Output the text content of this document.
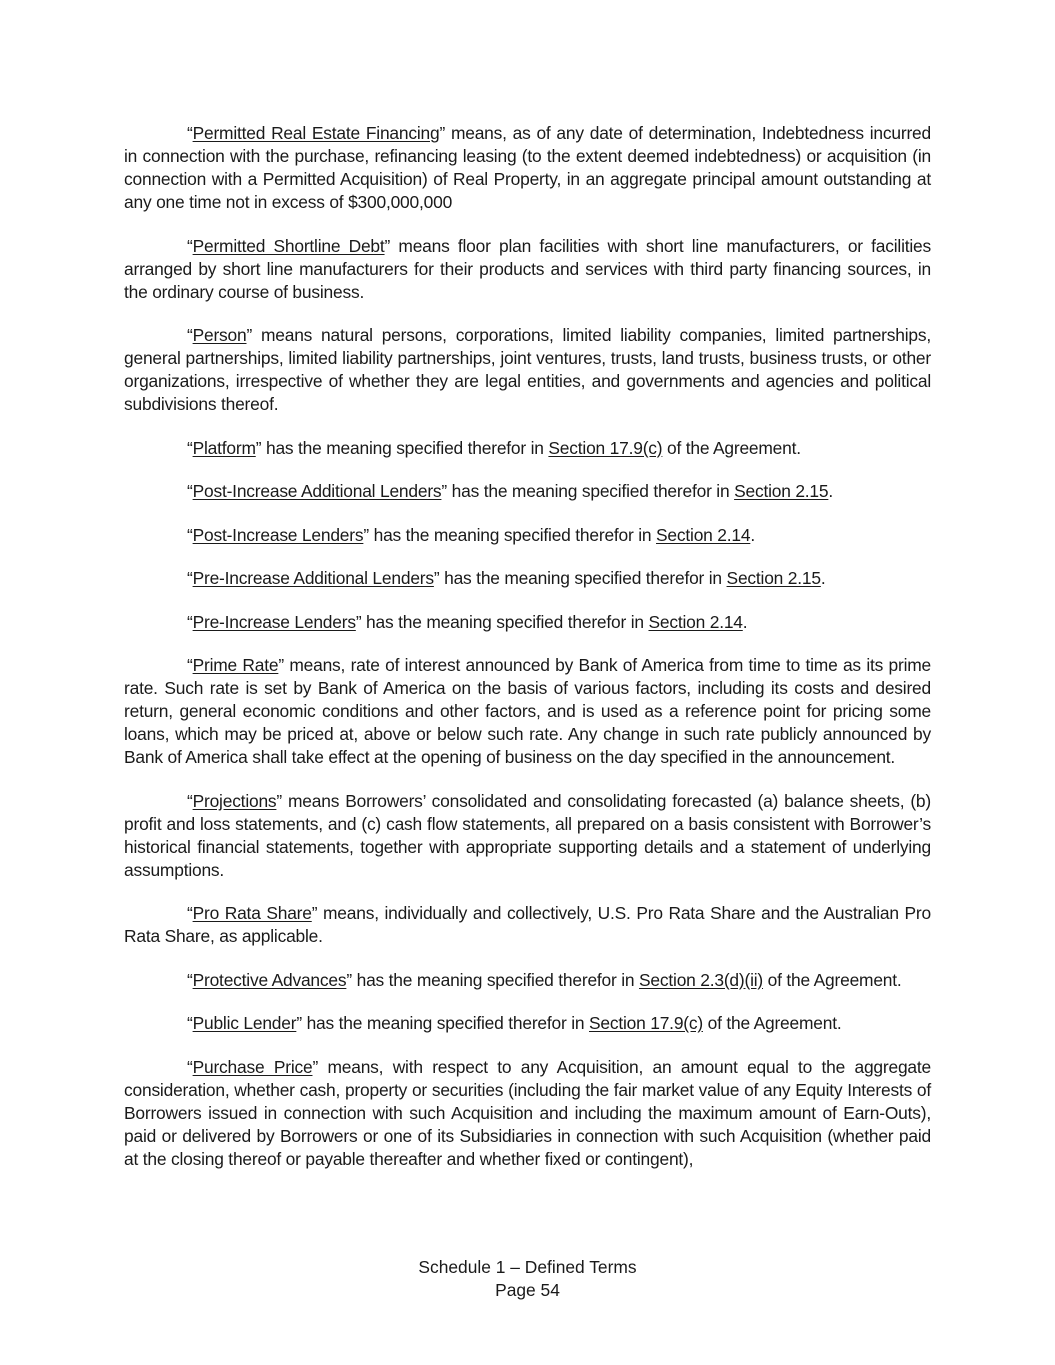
“Permitted Real Estate Financing” means, as of any date of determination, Indebtedness incurred in connection with the purchase, refinancing leasing (to the extent deemed indebtedness) or acquisition (in connection with a Permitted Acquisition) of Real Property, in an aggregate principal amount outstanding at any one time not in excess of $300,000,000

“Permitted Shortline Debt” means floor plan facilities with short line manufacturers, or facilities arranged by short line manufacturers for their products and services with third party financing sources, in the ordinary course of business.

“Person” means natural persons, corporations, limited liability companies, limited partnerships, general partnerships, limited liability partnerships, joint ventures, trusts, land trusts, business trusts, or other organizations, irrespective of whether they are legal entities, and governments and agencies and political subdivisions thereof.

“Platform” has the meaning specified therefor in Section 17.9(c) of the Agreement.

“Post-Increase Additional Lenders” has the meaning specified therefor in Section 2.15.

“Post-Increase Lenders” has the meaning specified therefor in Section 2.14.

“Pre-Increase Additional Lenders” has the meaning specified therefor in Section 2.15.

“Pre-Increase Lenders” has the meaning specified therefor in Section 2.14.

“Prime Rate” means, rate of interest announced by Bank of America from time to time as its prime rate. Such rate is set by Bank of America on the basis of various factors, including its costs and desired return, general economic conditions and other factors, and is used as a reference point for pricing some loans, which may be priced at, above or below such rate. Any change in such rate publicly announced by Bank of America shall take effect at the opening of business on the day specified in the announcement.

“Projections” means Borrowers’ consolidated and consolidating forecasted (a) balance sheets, (b) profit and loss statements, and (c) cash flow statements, all prepared on a basis consistent with Borrower’s historical financial statements, together with appropriate supporting details and a statement of underlying assumptions.

“Pro Rata Share” means, individually and collectively, U.S. Pro Rata Share and the Australian Pro Rata Share, as applicable.

“Protective Advances” has the meaning specified therefor in Section 2.3(d)(ii) of the Agreement.

“Public Lender” has the meaning specified therefor in Section 17.9(c) of the Agreement.

“Purchase Price” means, with respect to any Acquisition, an amount equal to the aggregate consideration, whether cash, property or securities (including the fair market value of any Equity Interests of Borrowers issued in connection with such Acquisition and including the maximum amount of Earn-Outs), paid or delivered by Borrowers or one of its Subsidiaries in connection with such Acquisition (whether paid at the closing thereof or payable thereafter and whether fixed or contingent),

Schedule 1 – Defined Terms
Page 54
